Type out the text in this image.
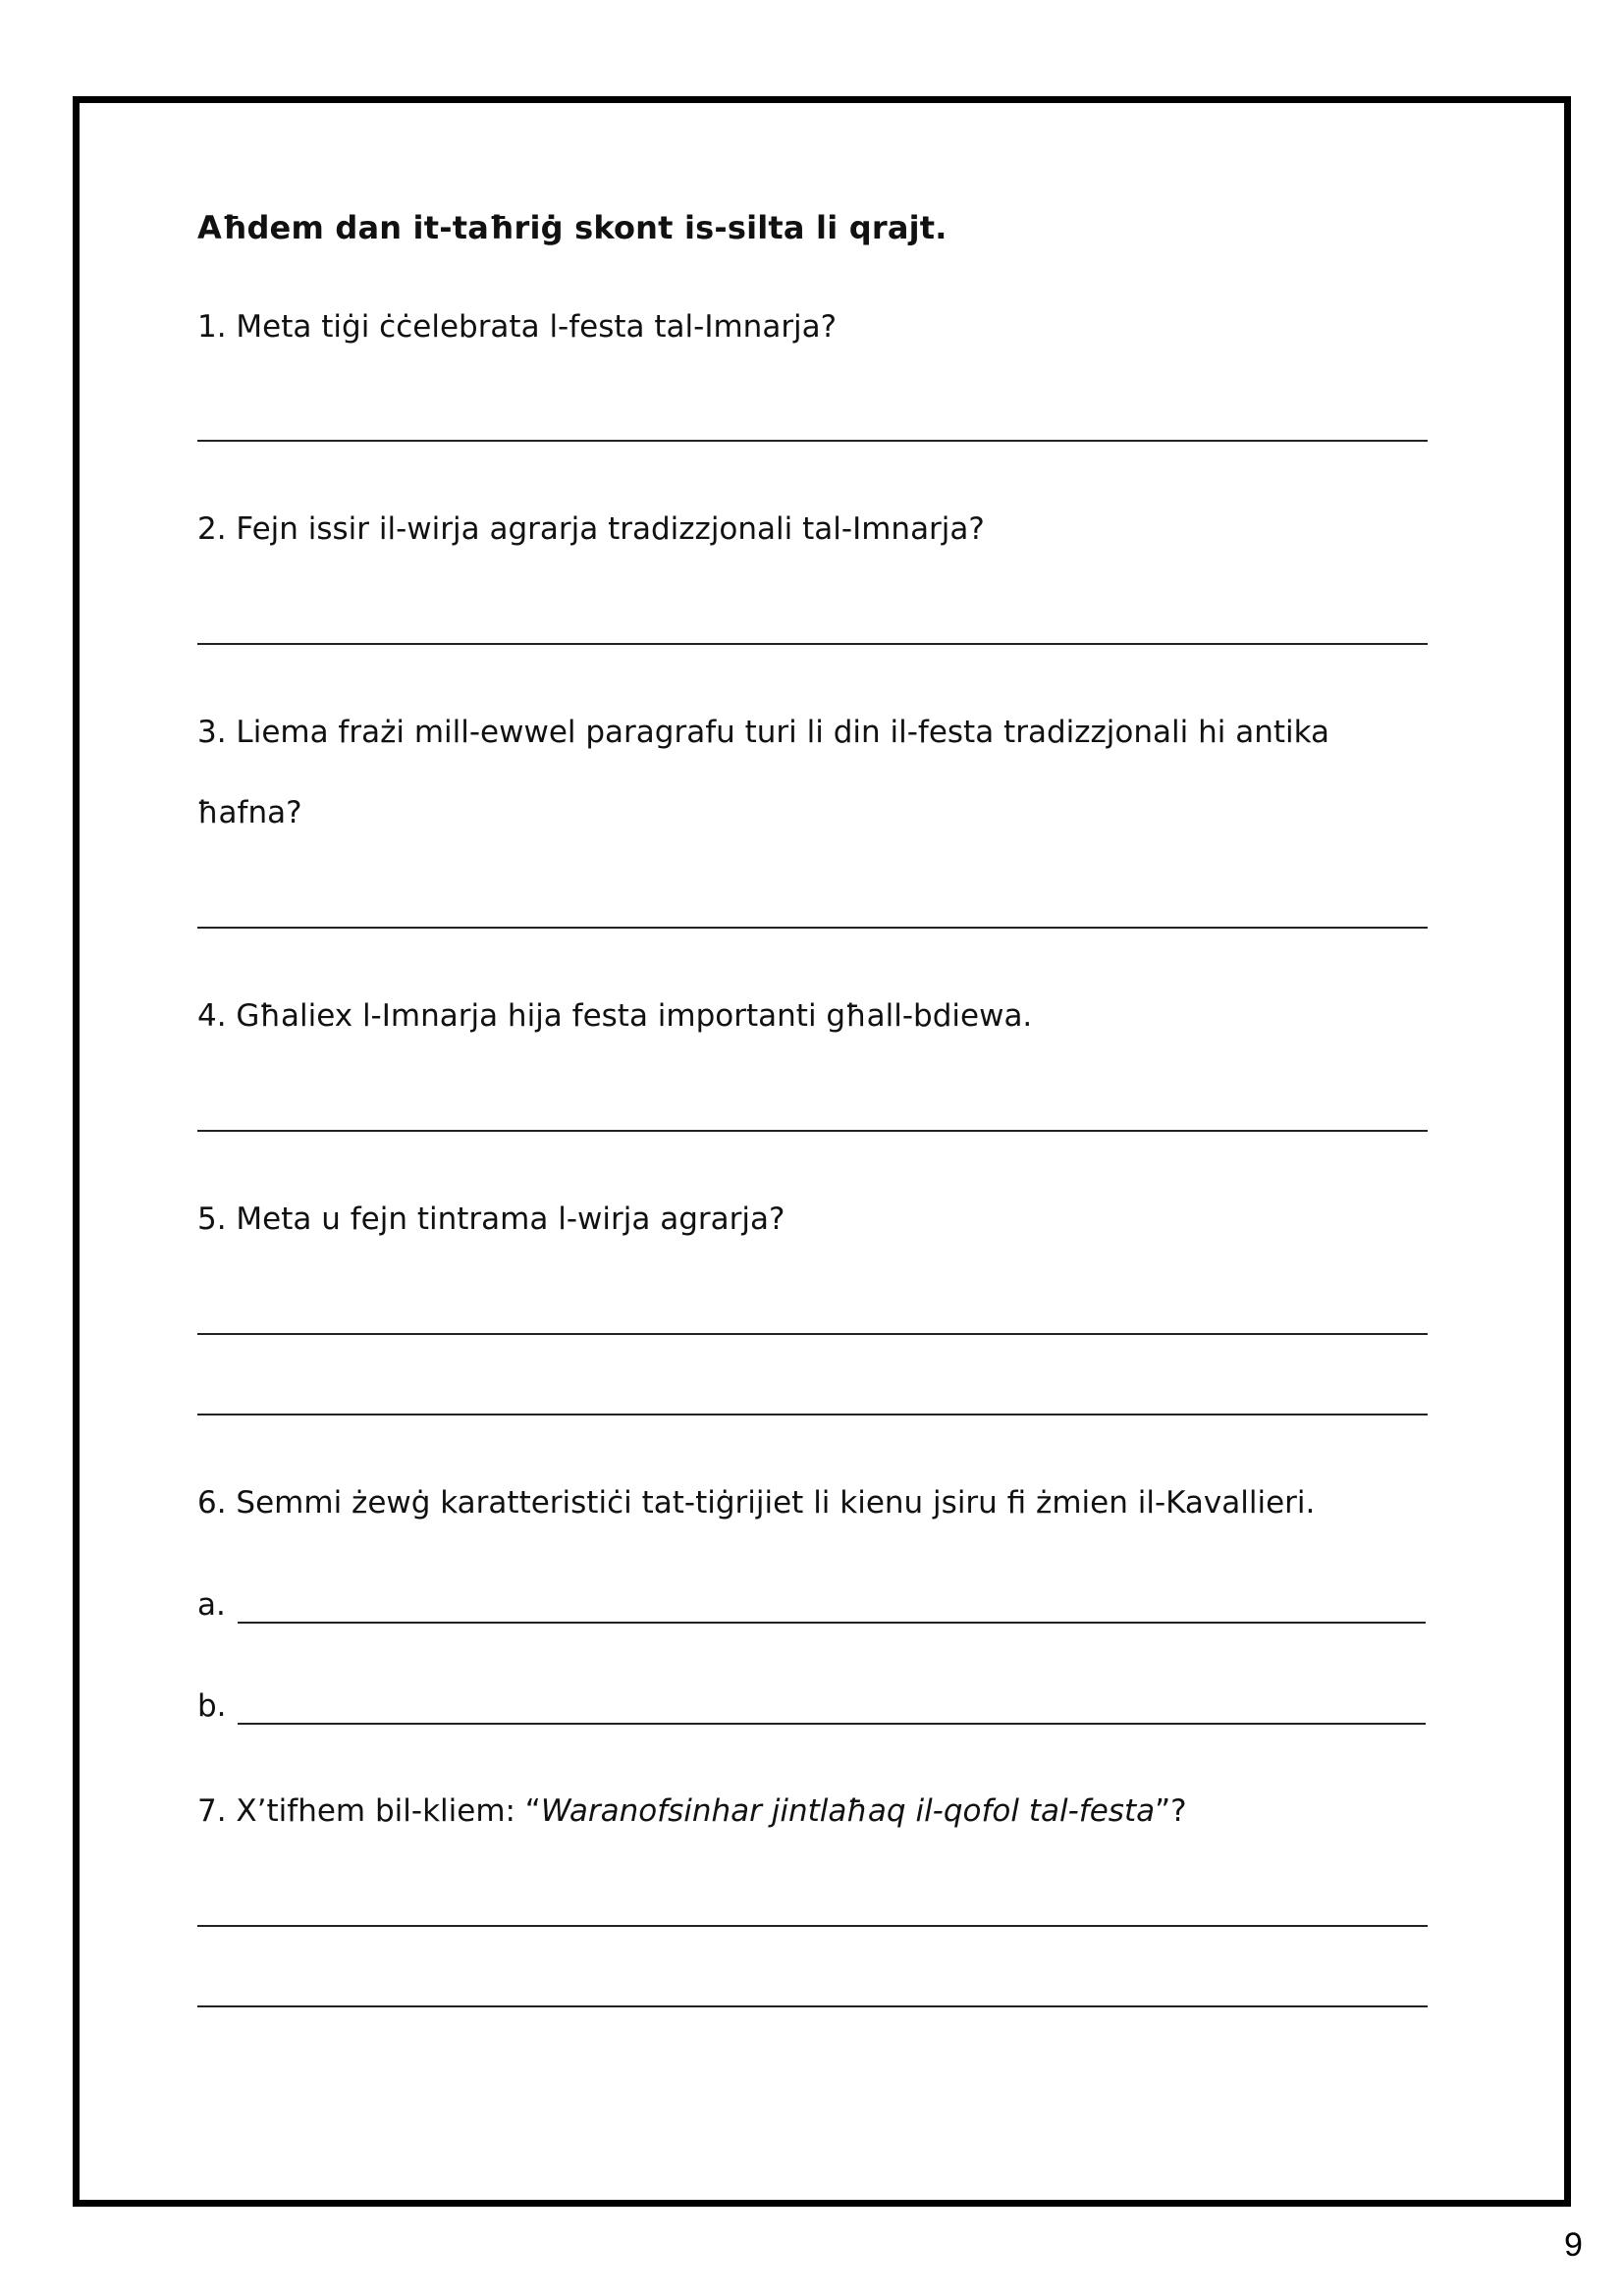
Aħdem dan it-taħriġ skont is-silta li qrajt.
1. Meta tiġi ċċelebrata l-festa tal-Imnarja?
2. Fejn issir il-wirja agrarja tradizzjonali tal-Imnarja?
3. Liema frażi mill-ewwel paragrafu turi li din il-festa tradizzjonali hi antika
ħafna?
4. Għaliex l-Imnarja hija festa importanti għall-bdiewa.
5. Meta u fejn tintrama l-wirja agrarja?
6. Semmi żewġ karatteristiċi tat-tiġrijiet li kienu jsiru fi żmien il-Kavallieri.
a.
b.
7. X’tifhem bil-kliem: “Waranofsinhar jintlaħaq il-qofol tal-festa”?
9
